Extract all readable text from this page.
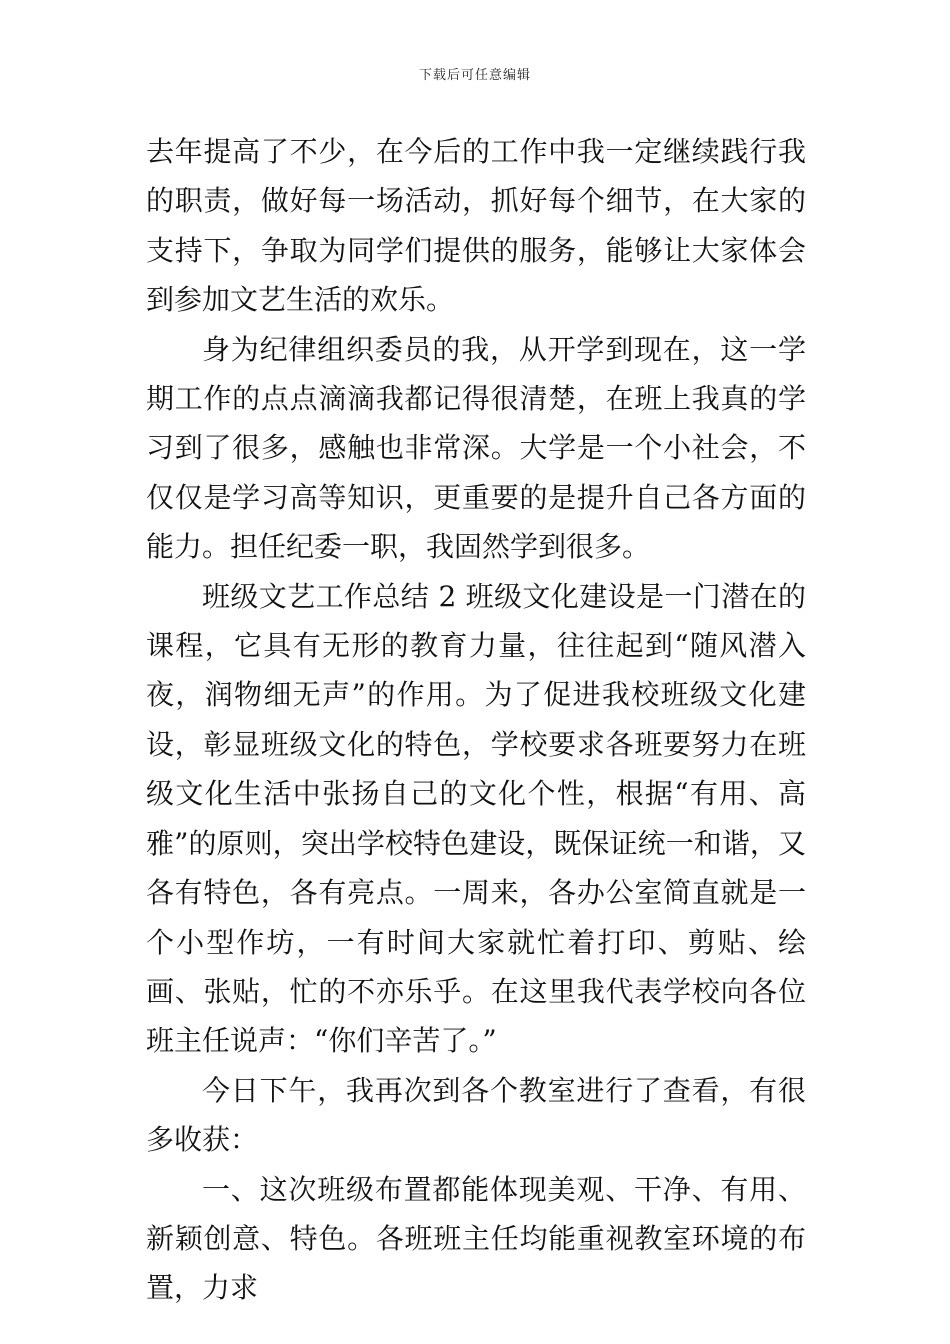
下载后可任意编辑

去年提高了不少，在今后的工作中我一定继续践行我的职责，做好每一场活动，抓好每个细节，在大家的支持下，争取为同学们提供的服务，能够让大家体会到参加文艺生活的欢乐。

身为纪律组织委员的我，从开学到现在，这一学期工作的点点滴滴我都记得很清楚，在班上我真的学习到了很多，感触也非常深。大学是一个小社会，不仅仅是学习高等知识，更重要的是提升自己各方面的能力。担任纪委一职，我固然学到很多。

班级文艺工作总结 2 班级文化建设是一门潜在的课程，它具有无形的教育力量，往往起到“随风潜入夜，润物细无声”的作用。为了促进我校班级文化建设，彰显班级文化的特色，学校要求各班要努力在班级文化生活中张扬自己的文化个性，根据“有用、高雅”的原则，突出学校特色建设，既保证统一和谐，又各有特色，各有亮点。一周来，各办公室简直就是一个小型作坊，一有时间大家就忙着打印、剪贴、绘画、张贴，忙的不亦乐乎。在这里我代表学校向各位班主任说声：“你们辛苦了。”

今日下午，我再次到各个教室进行了查看，有很多收获：

一、这次班级布置都能体现美观、干净、有用、新颖创意、特色。各班班主任均能重视教室环境的布置，力求
